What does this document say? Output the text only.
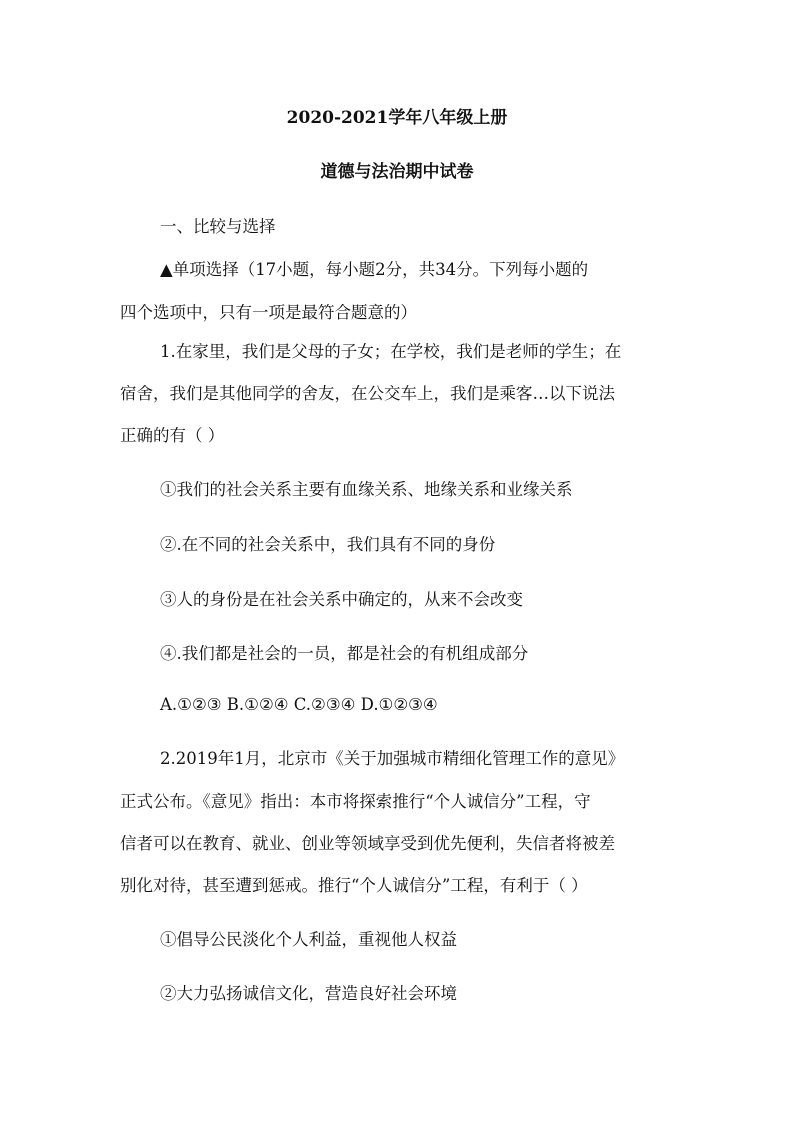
2020-2021学年八年级上册
道德与法治期中试卷
一、比较与选择
▲单项选择（17小题，每小题2分，共34分。下列每小题的
四个选项中，只有一项是最符合题意的）
1.在家里，我们是父母的子女；在学校，我们是老师的学生；在
宿舍，我们是其他同学的舍友，在公交车上，我们是乘客…以下说法
正确的有（ ）
①我们的社会关系主要有血缘关系、地缘关系和业缘关系
②.在不同的社会关系中，我们具有不同的身份
③人的身份是在社会关系中确定的，从来不会改变
④.我们都是社会的一员，都是社会的有机组成部分
A.①②③ B.①②④ C.②③④ D.①②③④
2.2019年1月，北京市《关于加强城市精细化管理工作的意见》
正式公布。《意见》指出：本市将探索推行“个人诚信分”工程，守
信者可以在教育、就业、创业等领域享受到优先便利，失信者将被差
别化对待，甚至遭到惩戒。推行“个人诚信分”工程，有利于（ ）
①倡导公民淡化个人利益，重视他人权益
②大力弘扬诚信文化，营造良好社会环境
